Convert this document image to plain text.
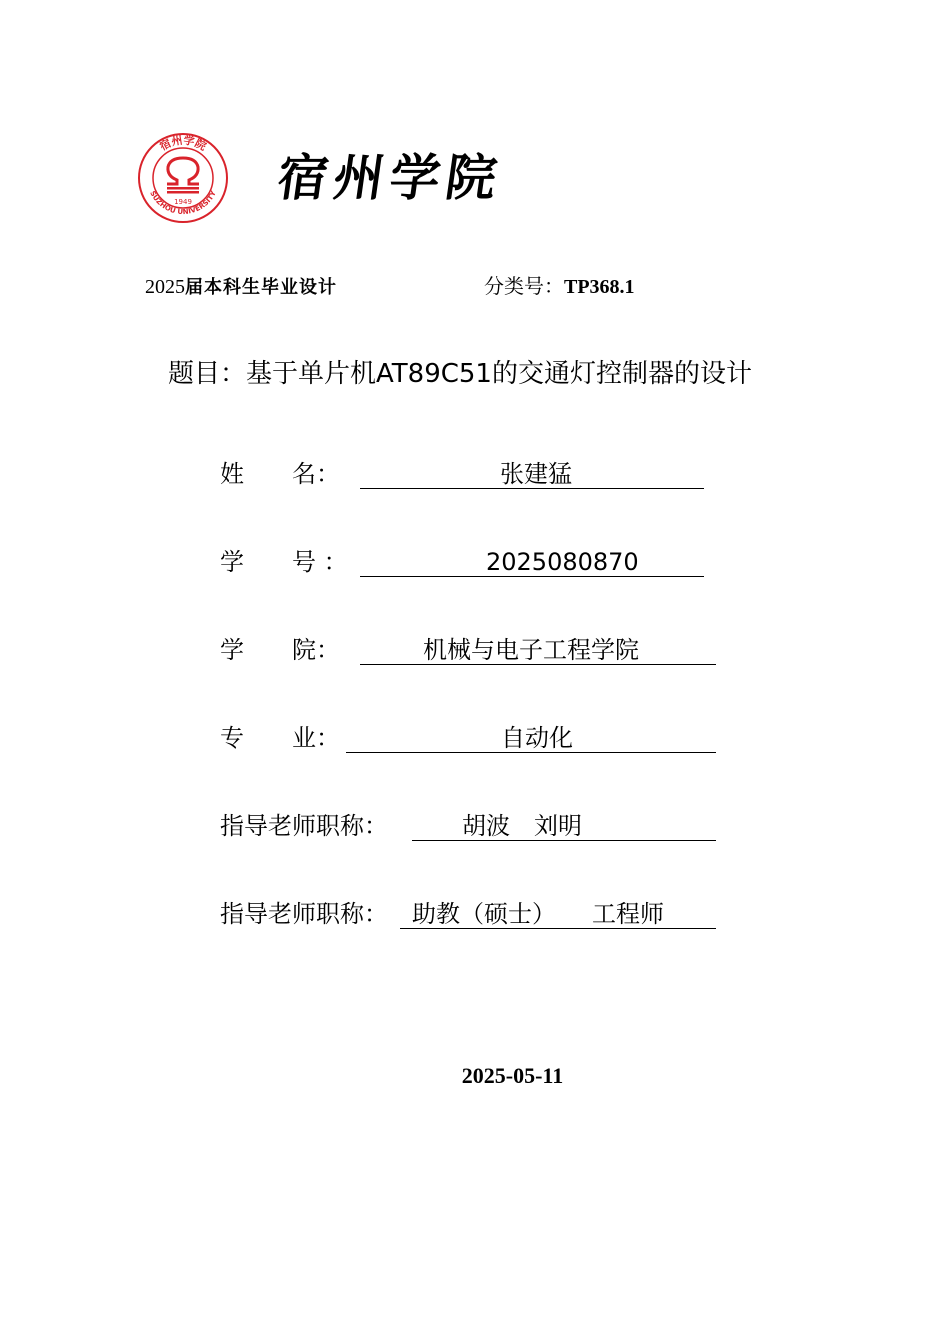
宿州学院
SUZHOU UNIVERSITY
1949 宿州学院
2025届本科生毕业设计	分类号：TP368.1
题目：基于单片机AT89C51的交通灯控制器的设计
姓　　名：	张建猛
学　　号 ：	2025080870
学　　院：	机械与电子工程学院
专　　业：	自动化
指导老师职称：	胡波　刘明
指导老师职称： 助教（硕士）　　工程师
2025-05-11
